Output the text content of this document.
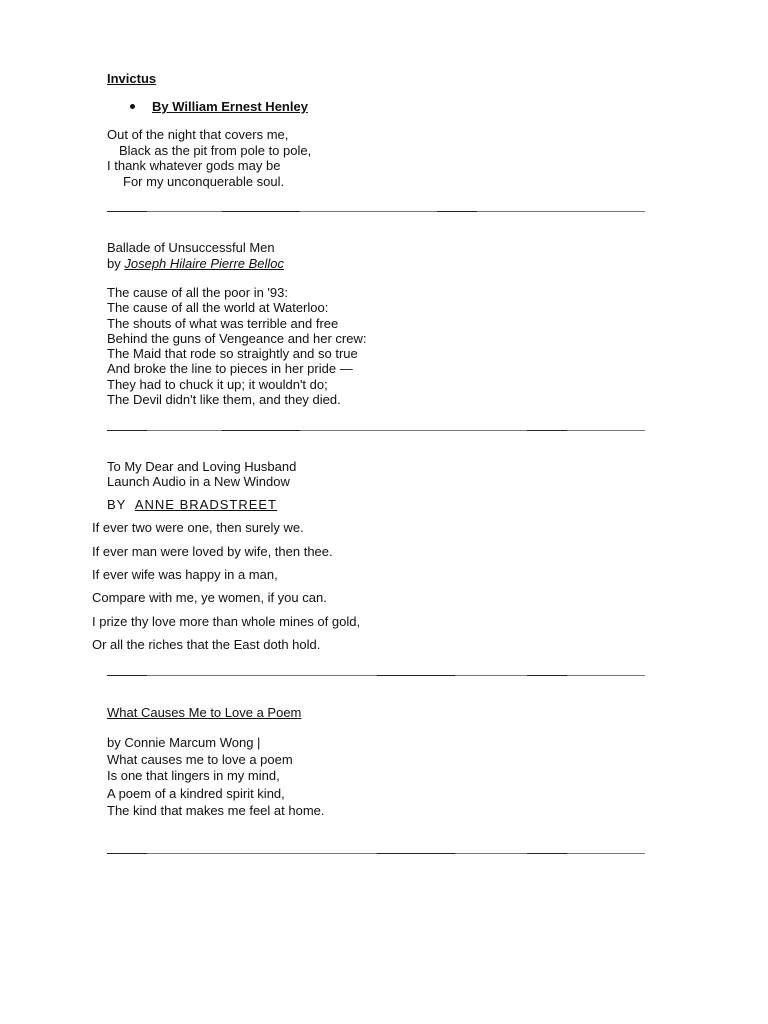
Invictus
By William Ernest Henley
Out of the night that covers me,
Black as the pit from pole to pole,
I thank whatever gods may be
For my unconquerable soul.
Ballade of Unsuccessful Men
by Joseph Hilaire Pierre Belloc
The cause of all the poor in '93:
The cause of all the world at Waterloo:
The shouts of what was terrible and free
Behind the guns of Vengeance and her crew:
The Maid that rode so straightly and so true
And broke the line to pieces in her pride —
They had to chuck it up; it wouldn't do;
The Devil didn't like them, and they died.
To My Dear and Loving Husband
Launch Audio in a New Window
BY ANNE BRADSTREET
If ever two were one, then surely we.
If ever man were loved by wife, then thee.
If ever wife was happy in a man,
Compare with me, ye women, if you can.
I prize thy love more than whole mines of gold,
Or all the riches that the East doth hold.
What Causes Me to Love a Poem
by Connie Marcum Wong |
What causes me to love a poem
Is one that lingers in my mind,
A poem of a kindred spirit kind,
The kind that makes me feel at home.
